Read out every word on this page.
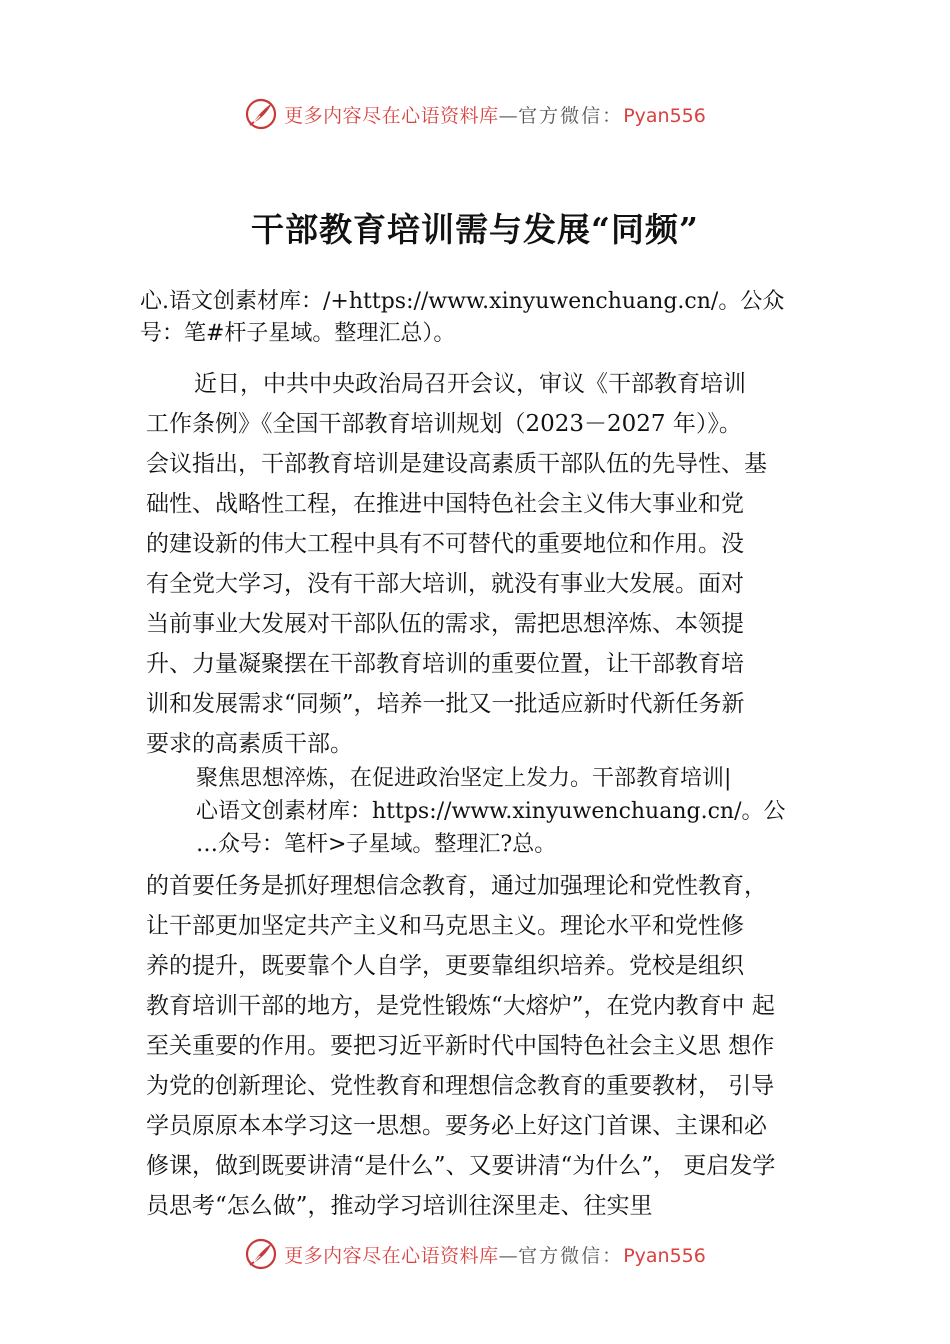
更多内容尽在心语资料库—官方微信：Pyan556
干部教育培训需与发展“同频”
心.语文创素材库：/+https://www.xinyuwenchuang.cn/。公众
号：笔#杆子星域。整理汇总）。
近日，中共中央政治局召开会议，审议《干部教育培训
工作条例》《全国干部教育培训规划（2023－2027 年）》。
会议指出，干部教育培训是建设高素质干部队伍的先导性、基
础性、战略性工程，在推进中国特色社会主义伟大事业和党
的建设新的伟大工程中具有不可替代的重要地位和作用。没
有全党大学习，没有干部大培训，就没有事业大发展。面对
当前事业大发展对干部队伍的需求，需把思想淬炼、本领提
升、力量凝聚摆在干部教育培训的重要位置，让干部教育培
训和发展需求“同频”，培养一批又一批适应新时代新任务新
要求的高素质干部。
聚焦思想淬炼，在促进政治坚定上发力。干部教育培训|
心语文创素材库：https://www.xinyuwenchuang.cn/。公
…众号：笔杆>子星域。整理汇?总。
的首要任务是抓好理想信念教育，通过加强理论和党性教育，
让干部更加坚定共产主义和马克思主义。理论水平和党性修
养的提升，既要靠个人自学，更要靠组织培养。党校是组织
教育培训干部的地方，是党性锻炼“大熔炉”，在党内教育中 起
至关重要的作用。要把习近平新时代中国特色社会主义思 想作
为党的创新理论、党性教育和理想信念教育的重要教材， 引导
学员原原本本学习这一思想。要务必上好这门首课、主课和必
修课，做到既要讲清“是什么”、又要讲清“为什么”， 更启发学
员思考“怎么做”，推动学习培训往深里走、往实里
更多内容尽在心语资料库—官方微信：Pyan556
